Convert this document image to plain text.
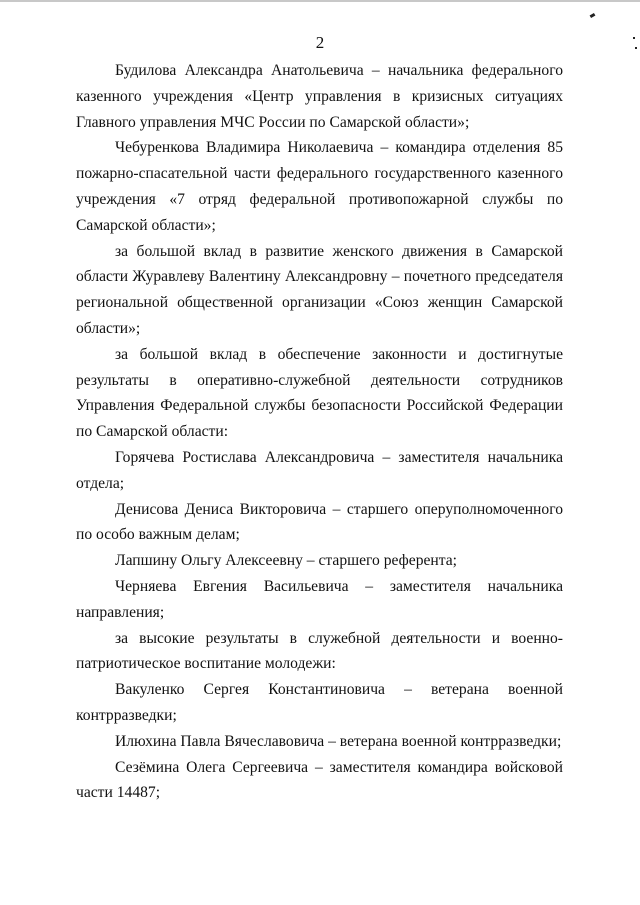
2

Будилова Александра Анатольевича – начальника федерального казенного учреждения «Центр управления в кризисных ситуациях Главного управления МЧС России по Самарской области»;

Чебуренкова Владимира Николаевича – командира отделения 85 пожарно-спасательной части федерального государственного казенного учреждения «7 отряд федеральной противопожарной службы по Самарской области»;

за большой вклад в развитие женского движения в Самарской области Журавлеву Валентину Александровну – почетного председателя региональной общественной организации «Союз женщин Самарской области»;

за большой вклад в обеспечение законности и достигнутые результаты в оперативно-служебной деятельности сотрудников Управления Федеральной службы безопасности Российской Федерации по Самарской области:

Горячева Ростислава Александровича – заместителя начальника отдела;

Денисова Дениса Викторовича – старшего оперуполномоченного по особо важным делам;

Лапшину Ольгу Алексеевну – старшего референта;

Черняева Евгения Васильевича – заместителя начальника направления;

за высокие результаты в служебной деятельности и военно-патриотическое воспитание молодежи:

Вакуленко Сергея Константиновича – ветерана военной контрразведки;

Илюхина Павла Вячеславовича – ветерана военной контрразведки;

Сезёмина Олега Сергеевича – заместителя командира войсковой части 14487;
